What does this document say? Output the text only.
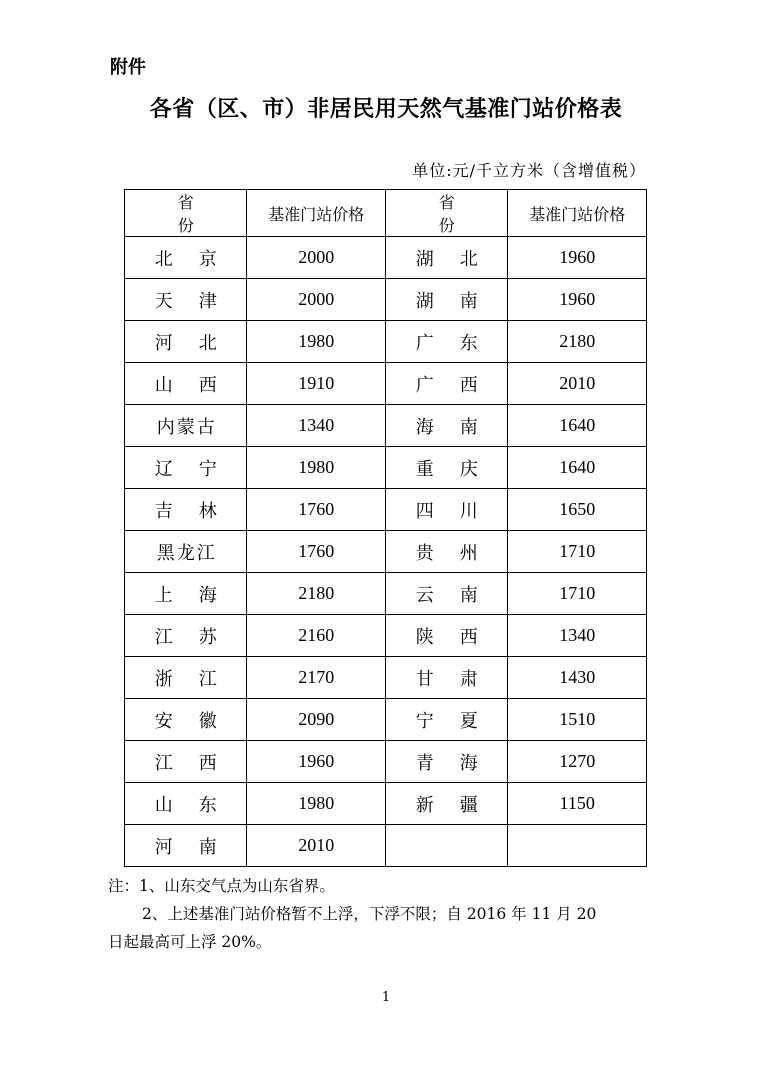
附件
各省（区、市）非居民用天然气基准门站价格表
单位:元/千立方米（含增值税）
省 份	基准门站价格	省 份	基准门站价格
北京	2000	湖北	1960
天津	2000	湖南	1960
河北	1980	广东	2180
山西	1910	广西	2010
内蒙古	1340	海南	1640
辽宁	1980	重庆	1640
吉林	1760	四川	1650
黑龙江	1760	贵州	1710
上海	2180	云南	1710
江苏	2160	陕西	1340
浙江	2170	甘肃	1430
安徽	2090	宁夏	1510
江西	1960	青海	1270
山东	1980	新疆	1150
河南	2010		
注：1、山东交气点为山东省界。
2、上述基准门站价格暂不上浮，下浮不限；自 2016 年 11 月 20
日起最高可上浮 20%。
1
